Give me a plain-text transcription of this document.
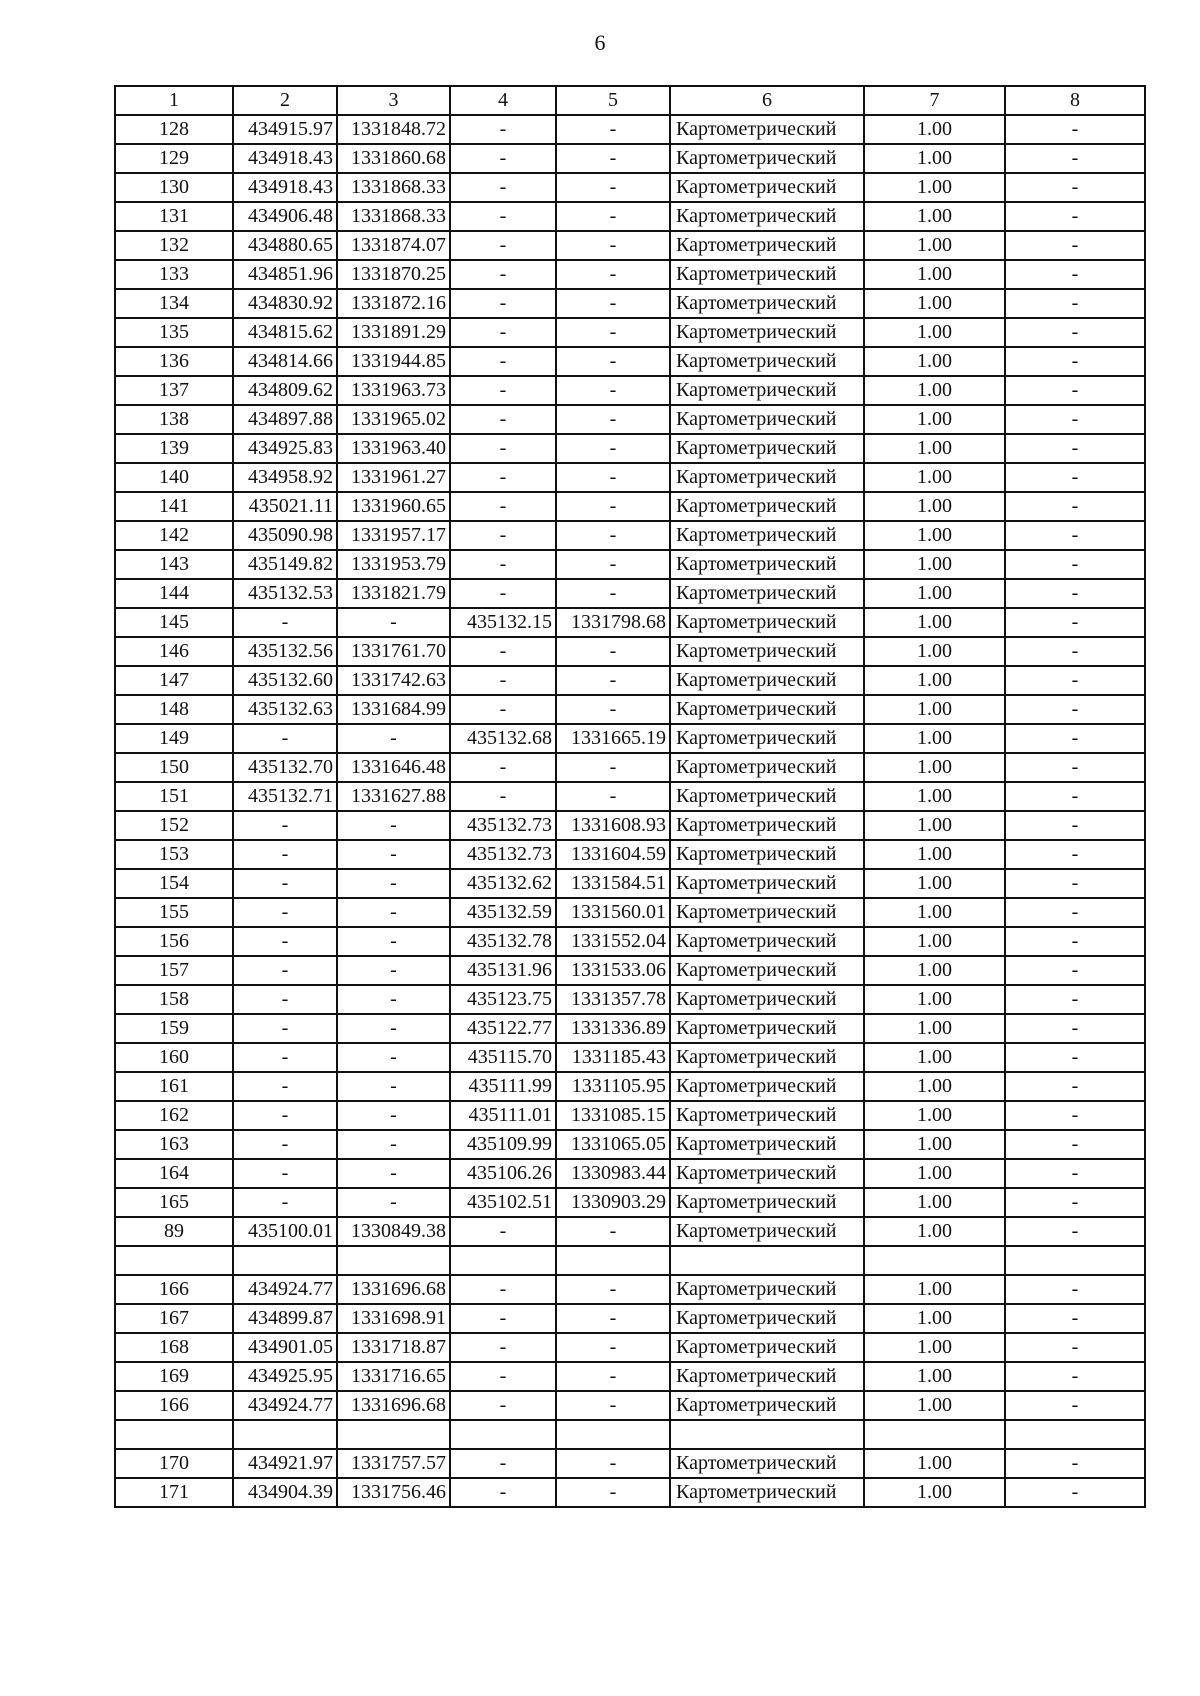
6
1	2	3	4	5	6	7	8
128	434915.97	1331848.72	-	-	Картометрический	1.00	-
129	434918.43	1331860.68	-	-	Картометрический	1.00	-
130	434918.43	1331868.33	-	-	Картометрический	1.00	-
131	434906.48	1331868.33	-	-	Картометрический	1.00	-
132	434880.65	1331874.07	-	-	Картометрический	1.00	-
133	434851.96	1331870.25	-	-	Картометрический	1.00	-
134	434830.92	1331872.16	-	-	Картометрический	1.00	-
135	434815.62	1331891.29	-	-	Картометрический	1.00	-
136	434814.66	1331944.85	-	-	Картометрический	1.00	-
137	434809.62	1331963.73	-	-	Картометрический	1.00	-
138	434897.88	1331965.02	-	-	Картометрический	1.00	-
139	434925.83	1331963.40	-	-	Картометрический	1.00	-
140	434958.92	1331961.27	-	-	Картометрический	1.00	-
141	435021.11	1331960.65	-	-	Картометрический	1.00	-
142	435090.98	1331957.17	-	-	Картометрический	1.00	-
143	435149.82	1331953.79	-	-	Картометрический	1.00	-
144	435132.53	1331821.79	-	-	Картометрический	1.00	-
145	-	-	435132.15	1331798.68	Картометрический	1.00	-
146	435132.56	1331761.70	-	-	Картометрический	1.00	-
147	435132.60	1331742.63	-	-	Картометрический	1.00	-
148	435132.63	1331684.99	-	-	Картометрический	1.00	-
149	-	-	435132.68	1331665.19	Картометрический	1.00	-
150	435132.70	1331646.48	-	-	Картометрический	1.00	-
151	435132.71	1331627.88	-	-	Картометрический	1.00	-
152	-	-	435132.73	1331608.93	Картометрический	1.00	-
153	-	-	435132.73	1331604.59	Картометрический	1.00	-
154	-	-	435132.62	1331584.51	Картометрический	1.00	-
155	-	-	435132.59	1331560.01	Картометрический	1.00	-
156	-	-	435132.78	1331552.04	Картометрический	1.00	-
157	-	-	435131.96	1331533.06	Картометрический	1.00	-
158	-	-	435123.75	1331357.78	Картометрический	1.00	-
159	-	-	435122.77	1331336.89	Картометрический	1.00	-
160	-	-	435115.70	1331185.43	Картометрический	1.00	-
161	-	-	435111.99	1331105.95	Картометрический	1.00	-
162	-	-	435111.01	1331085.15	Картометрический	1.00	-
163	-	-	435109.99	1331065.05	Картометрический	1.00	-
164	-	-	435106.26	1330983.44	Картометрический	1.00	-
165	-	-	435102.51	1330903.29	Картометрический	1.00	-
89	435100.01	1330849.38	-	-	Картометрический	1.00	-

166	434924.77	1331696.68	-	-	Картометрический	1.00	-
167	434899.87	1331698.91	-	-	Картометрический	1.00	-
168	434901.05	1331718.87	-	-	Картометрический	1.00	-
169	434925.95	1331716.65	-	-	Картометрический	1.00	-
166	434924.77	1331696.68	-	-	Картометрический	1.00	-

170	434921.97	1331757.57	-	-	Картометрический	1.00	-
171	434904.39	1331756.46	-	-	Картометрический	1.00	-
